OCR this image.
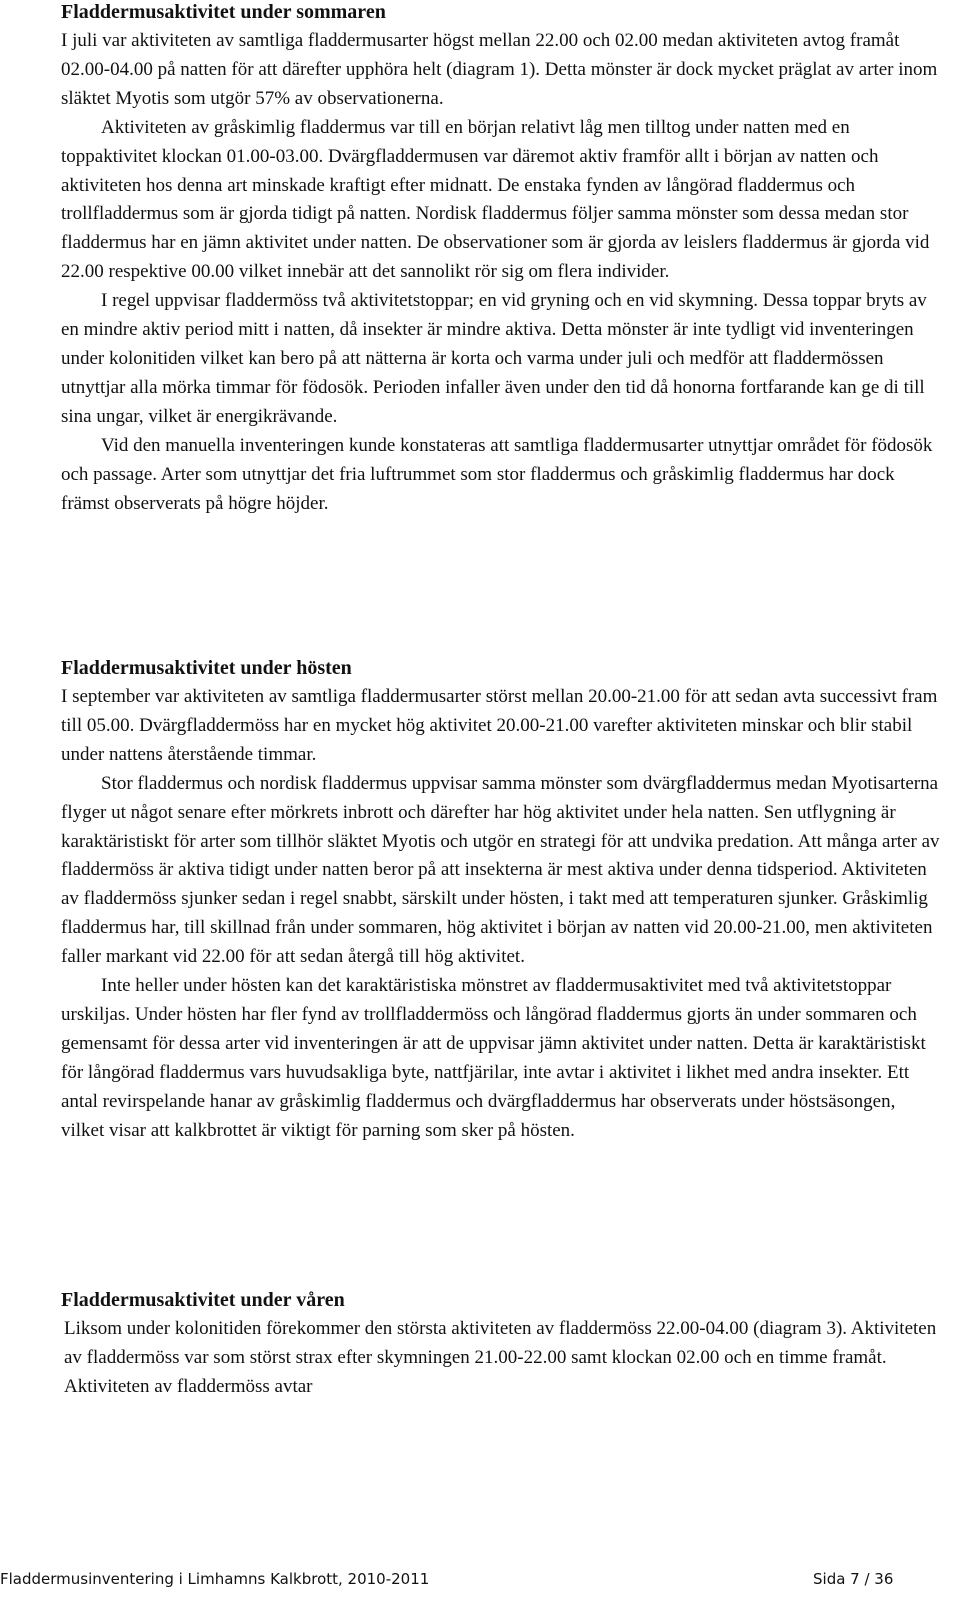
Fladdermusaktivitet under sommaren

I juli var aktiviteten av samtliga fladdermusarter högst mellan 22.00 och 02.00 medan aktiviteten avtog framåt 02.00-04.00 på natten för att därefter upphöra helt (diagram 1). Detta mönster är dock mycket präglat av arter inom släktet Myotis som utgör 57% av observationerna.

Aktiviteten av gråskimlig fladdermus var till en början relativt låg men tilltog under natten med en toppaktivitet klockan 01.00-03.00. Dvärgfladdermusen var däremot aktiv framför allt i början av natten och aktiviteten hos denna art minskade kraftigt efter midnatt. De enstaka fynden av långörad fladdermus och trollfladdermus som är gjorda tidigt på natten. Nordisk fladdermus följer samma mönster som dessa medan stor fladdermus har en jämn aktivitet under natten. De observationer som är gjorda av leislers fladdermus är gjorda vid 22.00 respektive 00.00 vilket innebär att det sannolikt rör sig om flera individer.

I regel uppvisar fladdermöss två aktivitetstoppar; en vid gryning och en vid skymning. Dessa toppar bryts av en mindre aktiv period mitt i natten, då insekter är mindre aktiva. Detta mönster är inte tydligt vid inventeringen under kolonitiden vilket kan bero på att nätterna är korta och varma under juli och medför att fladdermössen utnyttjar alla mörka timmar för födosök. Perioden infaller även under den tid då honorna fortfarande kan ge di till sina ungar, vilket är energikrävande.

Vid den manuella inventeringen kunde konstateras att samtliga fladdermusarter utnyttjar området för födosök och passage. Arter som utnyttjar det fria luftrummet som stor fladdermus och gråskimlig fladdermus har dock främst observerats på högre höjder.

Fladdermusaktivitet under hösten

I september var aktiviteten av samtliga fladdermusarter störst mellan 20.00-21.00 för att sedan avta successivt fram till 05.00. Dvärgfladdermöss har en mycket hög aktivitet 20.00-21.00 varefter aktiviteten minskar och blir stabil under nattens återstående timmar.

Stor fladdermus och nordisk fladdermus uppvisar samma mönster som dvärgfladdermus medan Myotisarterna flyger ut något senare efter mörkrets inbrott och därefter har hög aktivitet under hela natten. Sen utflygning är karaktäristiskt för arter som tillhör släktet Myotis och utgör en strategi för att undvika predation. Att många arter av fladdermöss är aktiva tidigt under natten beror på att insekterna är mest aktiva under denna tidsperiod. Aktiviteten av fladdermöss sjunker sedan i regel snabbt, särskilt under hösten, i takt med att temperaturen sjunker. Gråskimlig fladdermus har, till skillnad från under sommaren, hög aktivitet i början av natten vid 20.00-21.00, men aktiviteten faller markant vid 22.00 för att sedan återgå till hög aktivitet.

Inte heller under hösten kan det karaktäristiska mönstret av fladdermusaktivitet med två aktivitetstoppar urskiljas. Under hösten har fler fynd av trollfladdermöss och långörad fladdermus gjorts än under sommaren och gemensamt för dessa arter vid inventeringen är att de uppvisar jämn aktivitet under natten. Detta är karaktäristiskt för långörad fladdermus vars huvudsakliga byte, nattfjärilar, inte avtar i aktivitet i likhet med andra insekter. Ett antal revirspelande hanar av gråskimlig fladdermus och dvärgfladdermus har observerats under höstsäsongen, vilket visar att kalkbrottet är viktigt för parning som sker på hösten.

Fladdermusaktivitet under våren

Liksom under kolonitiden förekommer den största aktiviteten av fladdermöss 22.00-04.00 (diagram 3). Aktiviteten av fladdermöss var som störst strax efter skymningen 21.00-22.00 samt klockan 02.00 och en timme framåt. Aktiviteten av fladdermöss avtar

Fladdermusinventering i Limhamns Kalkbrott, 2010-2011	Sida 7 / 36
